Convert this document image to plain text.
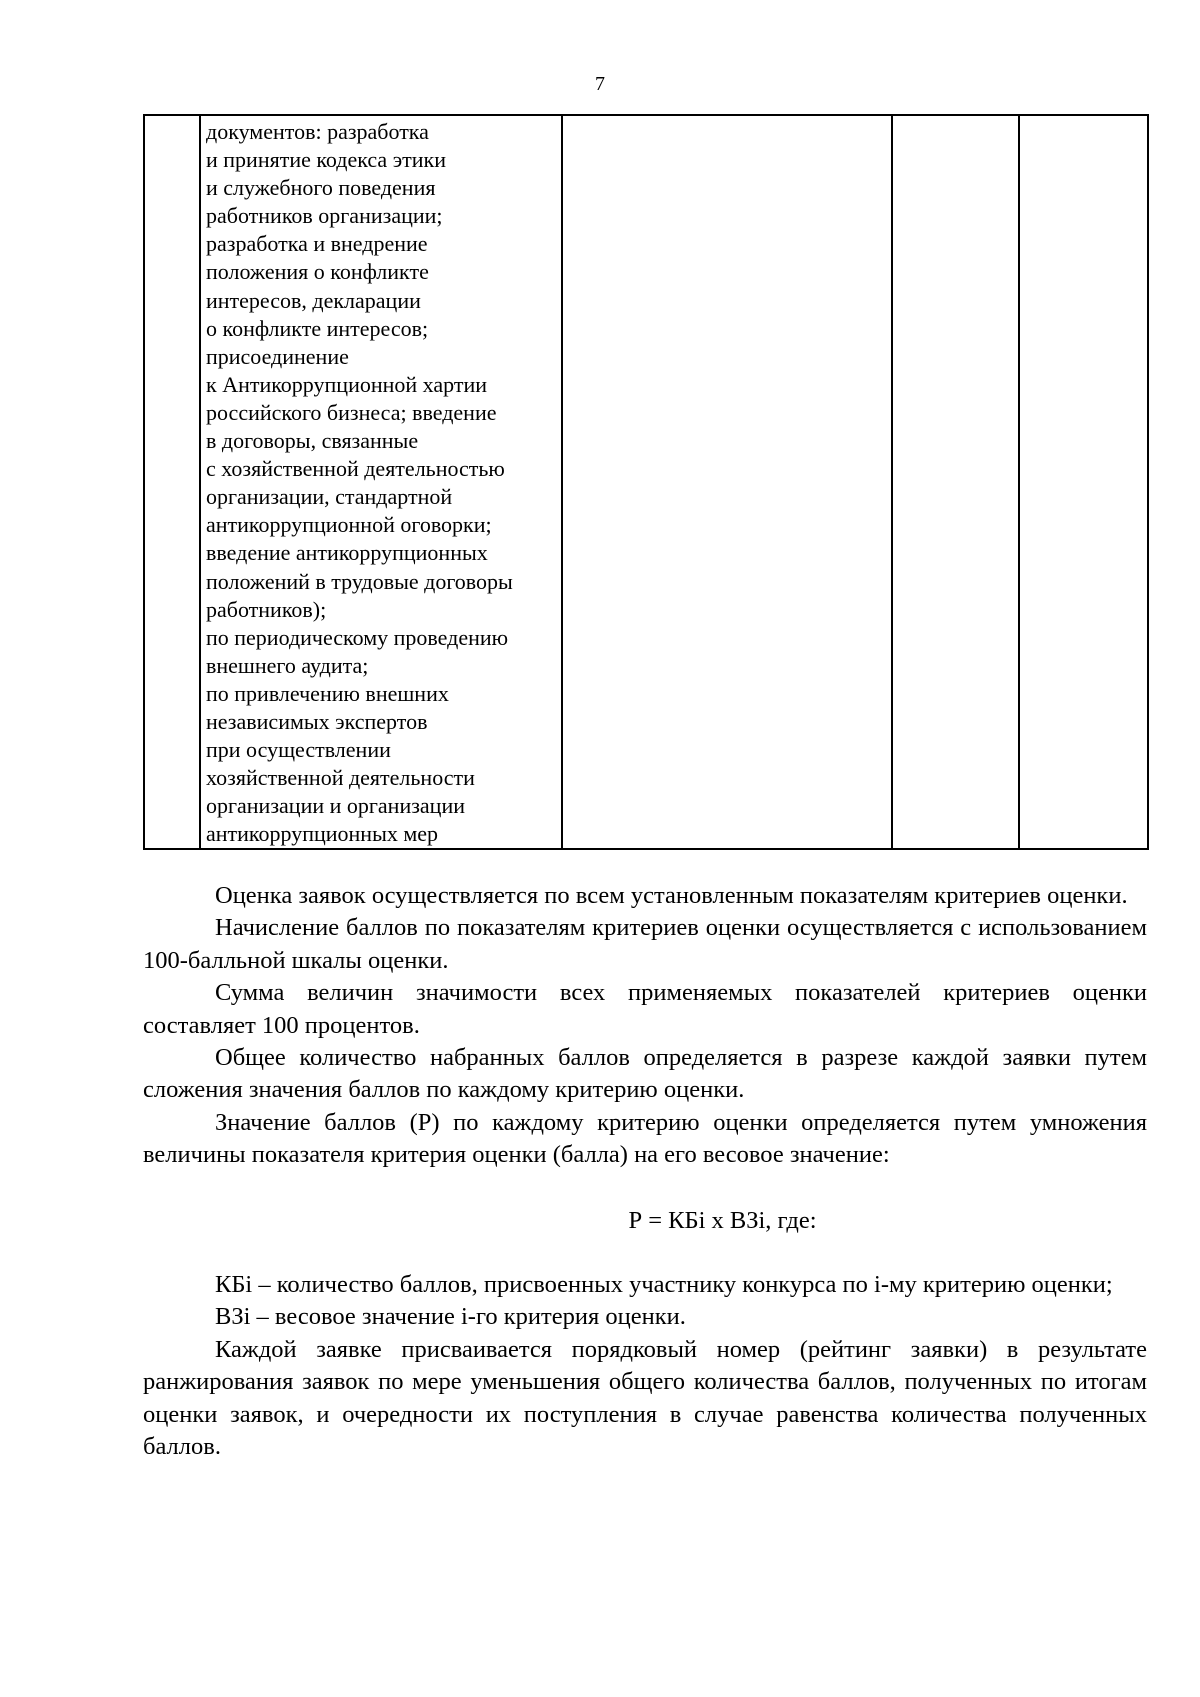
7

документов: разработка
и принятие кодекса этики
и служебного поведения
работников организации;
разработка и внедрение
положения о конфликте
интересов, декларации
о конфликте интересов;
присоединение
к Антикоррупционной хартии
российского бизнеса; введение
в договоры, связанные
с хозяйственной деятельностью
организации, стандартной
антикоррупционной оговорки;
введение антикоррупционных
положений в трудовые договоры
работников);
по периодическому проведению
внешнего аудита;
по привлечению внешних
независимых экспертов
при осуществлении
хозяйственной деятельности
организации и организации
антикоррупционных мер

Оценка заявок осуществляется по всем установленным показателям критериев оценки.

Начисление баллов по показателям критериев оценки осуществляется с использованием 100-балльной шкалы оценки.

Сумма величин значимости всех применяемых показателей критериев оценки составляет 100 процентов.

Общее количество набранных баллов определяется в разрезе каждой заявки путем сложения значения баллов по каждому критерию оценки.

Значение баллов (Р) по каждому критерию оценки определяется путем умножения величины показателя критерия оценки (балла) на его весовое значение:

Р = КБi х ВЗi, где:

КБi – количество баллов, присвоенных участнику конкурса по i-му критерию оценки;

ВЗi – весовое значение i-го критерия оценки.

Каждой заявке присваивается порядковый номер (рейтинг заявки) в результате ранжирования заявок по мере уменьшения общего количества баллов, полученных по итогам оценки заявок, и очередности их поступления в случае равенства количества полученных баллов.
